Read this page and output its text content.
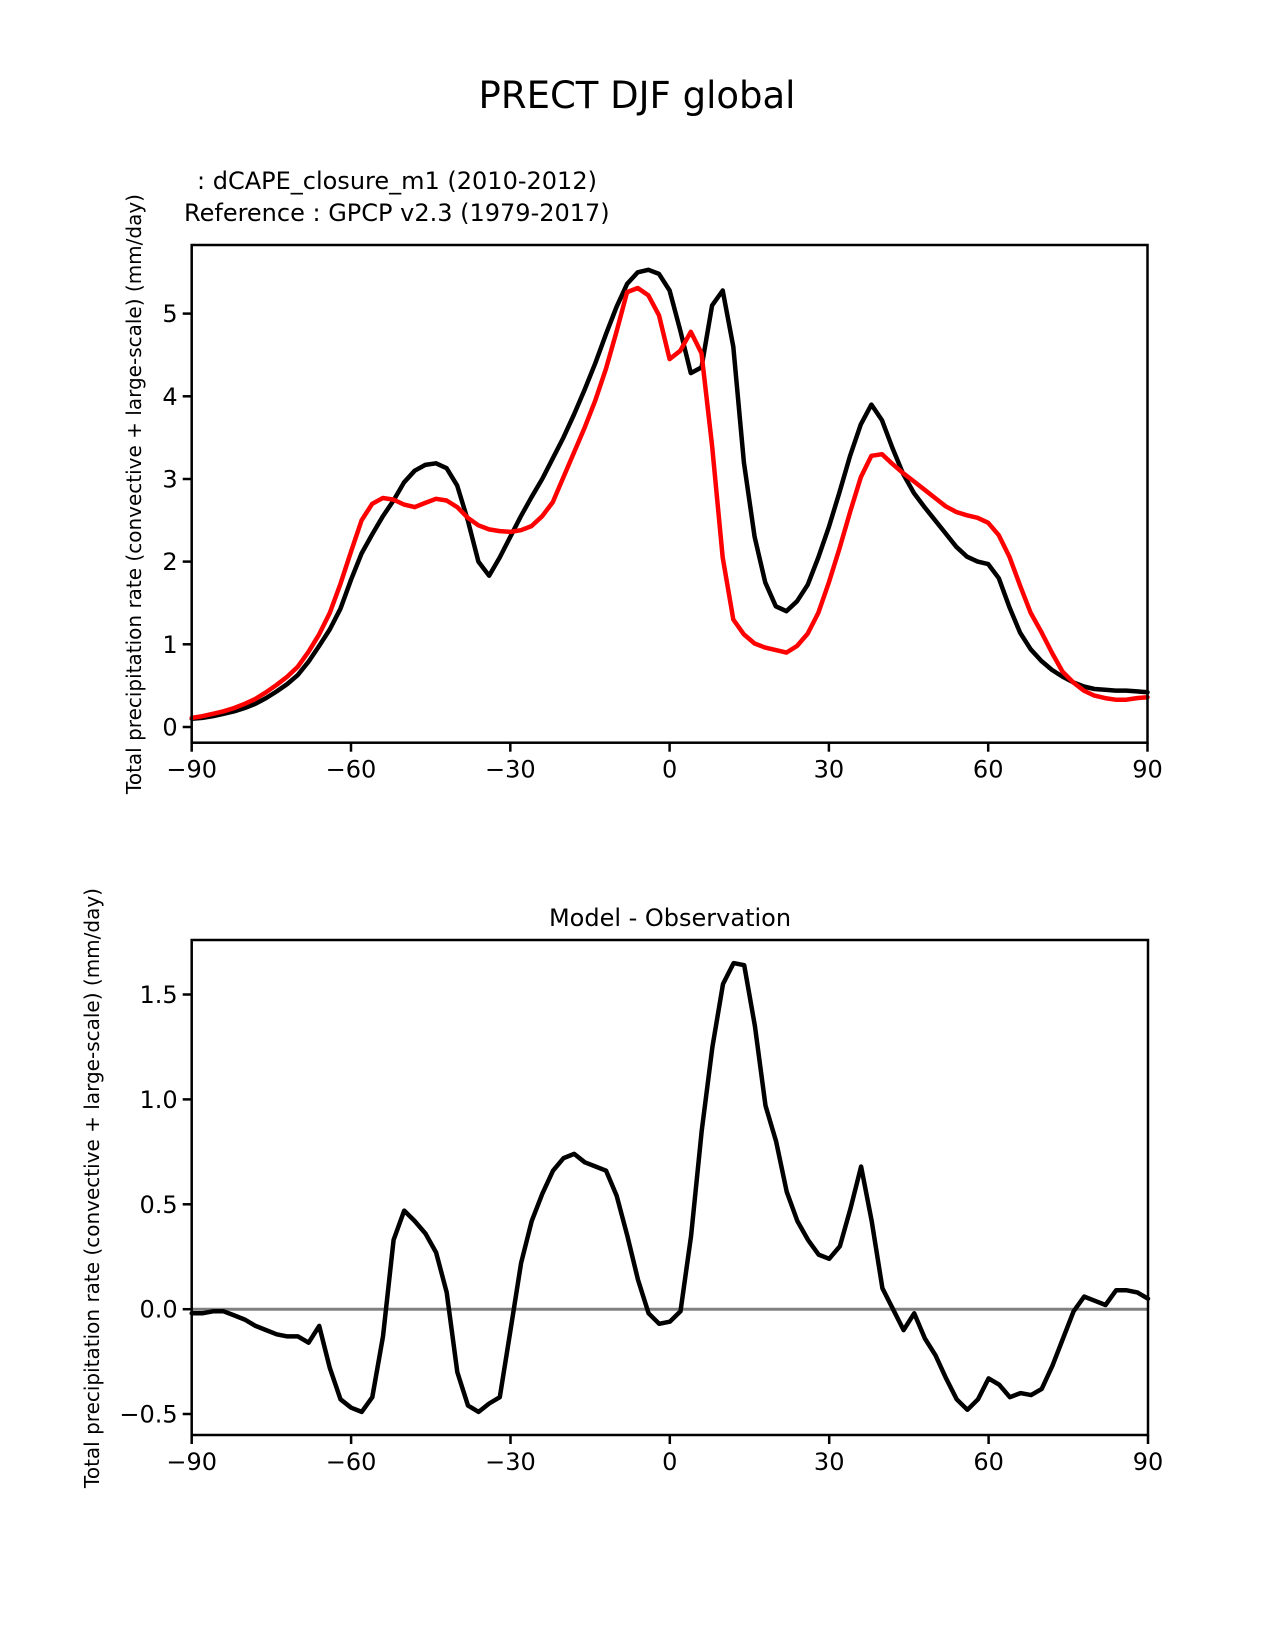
PRECT DJF global
: dCAPE_closure_m1 (2010-2012)
Reference : GPCP v2.3 (1979-2017)
Total precipitation rate (convective + large-scale) (mm/day) −90	−60	−30	0	30	60	90
0
1
2
3
4
5
Model - Observation
Total precipitation rate (convective + large-scale) (mm/day)	−90	−60	−30	0	30	60	90
−0.5
0.0
0.5
1.0
1.5
